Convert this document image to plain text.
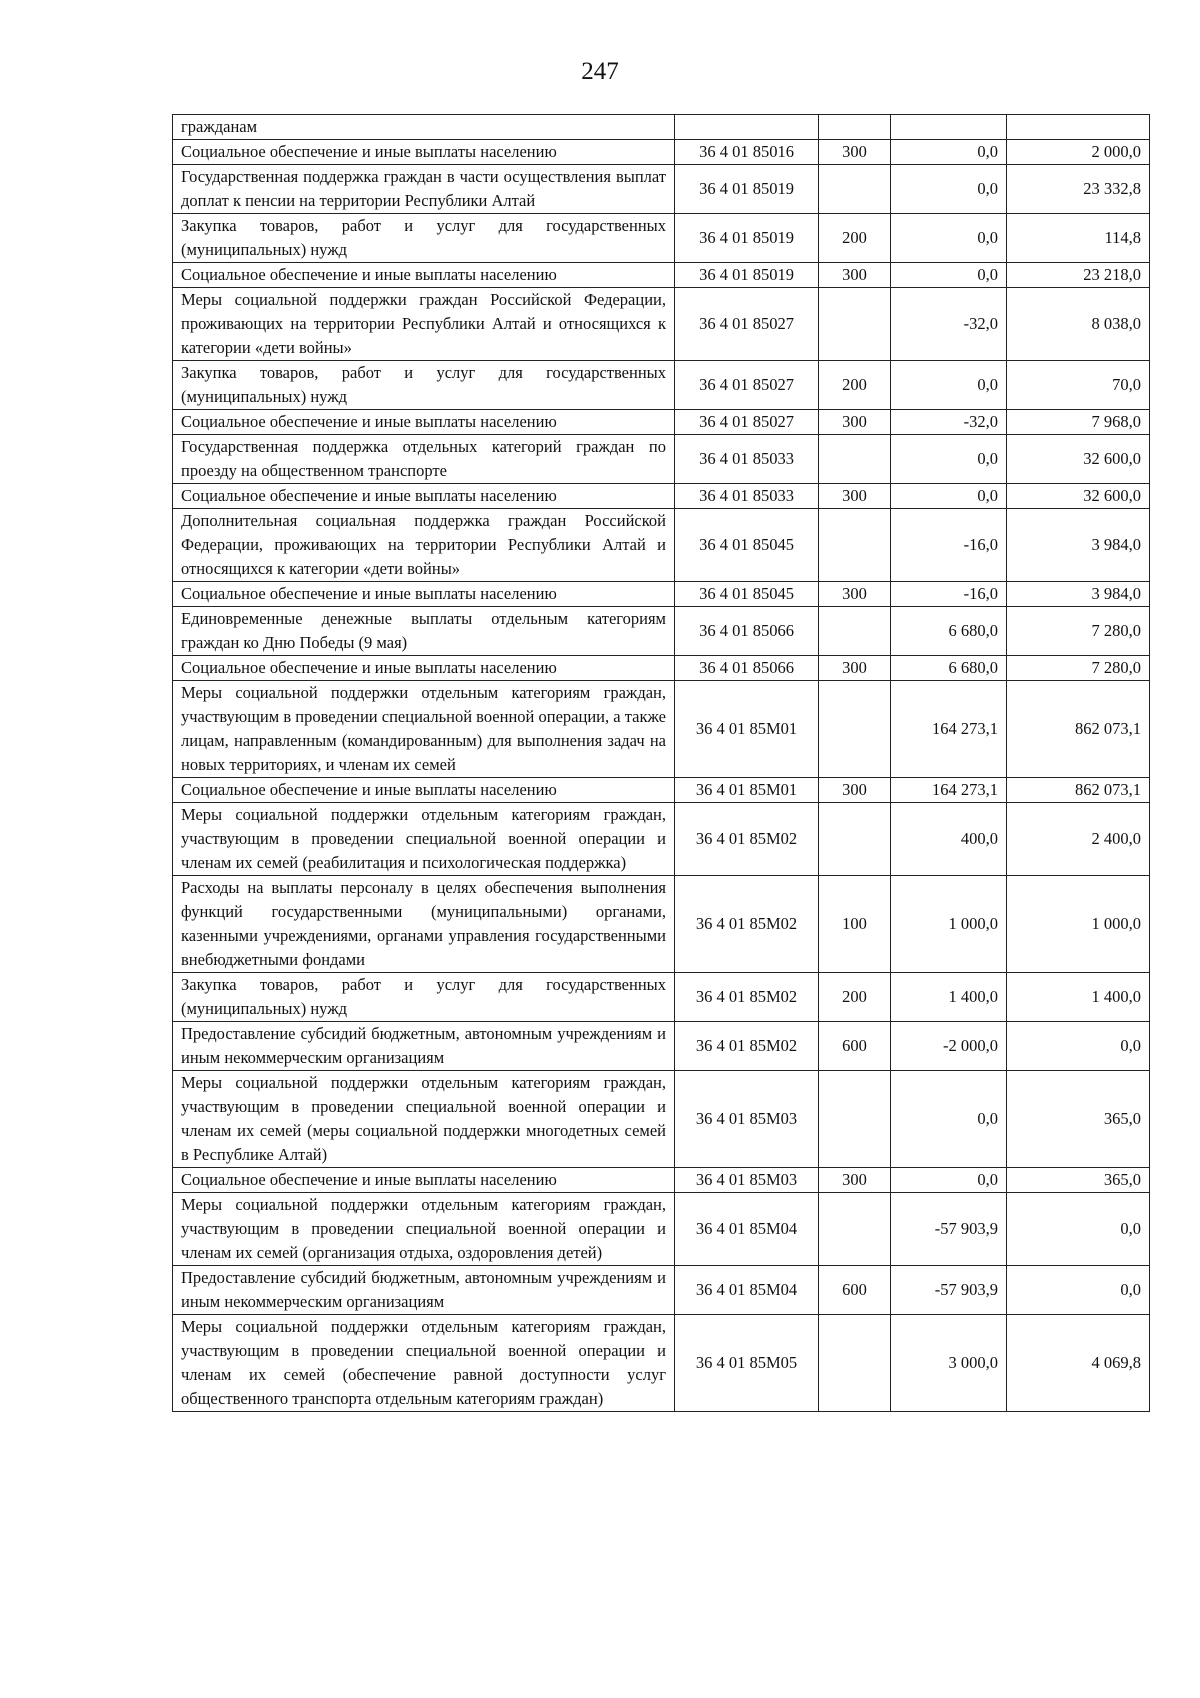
247
гражданам				
Социальное обеспечение и иные выплаты населению	36 4 01 85016	300	0,0	2 000,0
Государственная поддержка граждан в части осуществления выплат доплат к пенсии на территории Республики Алтай	36 4 01 85019		0,0	23 332,8
Закупка товаров, работ и услуг для государственных (муниципальных) нужд	36 4 01 85019	200	0,0	114,8
Социальное обеспечение и иные выплаты населению	36 4 01 85019	300	0,0	23 218,0
Меры социальной поддержки граждан Российской Федерации, проживающих на территории Республики Алтай и относящихся к категории «дети войны»	36 4 01 85027		-32,0	8 038,0
Закупка товаров, работ и услуг для государственных (муниципальных) нужд	36 4 01 85027	200	0,0	70,0
Социальное обеспечение и иные выплаты населению	36 4 01 85027	300	-32,0	7 968,0
Государственная поддержка отдельных категорий граждан по проезду на общественном транспорте	36 4 01 85033		0,0	32 600,0
Социальное обеспечение и иные выплаты населению	36 4 01 85033	300	0,0	32 600,0
Дополнительная социальная поддержка граждан Российской Федерации, проживающих на территории Республики Алтай и относящихся к категории «дети войны»	36 4 01 85045		-16,0	3 984,0
Социальное обеспечение и иные выплаты населению	36 4 01 85045	300	-16,0	3 984,0
Единовременные денежные выплаты отдельным категориям граждан ко Дню Победы (9 мая)	36 4 01 85066		6 680,0	7 280,0
Социальное обеспечение и иные выплаты населению	36 4 01 85066	300	6 680,0	7 280,0
Меры социальной поддержки отдельным категориям граждан, участвующим в проведении специальной военной операции, а также лицам, направленным (командированным) для выполнения задач на новых территориях, и членам их семей	36 4 01 85М01		164 273,1	862 073,1
Социальное обеспечение и иные выплаты населению	36 4 01 85М01	300	164 273,1	862 073,1
Меры социальной поддержки отдельным категориям граждан, участвующим в проведении специальной военной операции и членам их семей (реабилитация и психологическая поддержка)	36 4 01 85М02		400,0	2 400,0
Расходы на выплаты персоналу в целях обеспечения выполнения функций государственными (муниципальными) органами, казенными учреждениями, органами управления государственными внебюджетными фондами	36 4 01 85М02	100	1 000,0	1 000,0
Закупка товаров, работ и услуг для государственных (муниципальных) нужд	36 4 01 85М02	200	1 400,0	1 400,0
Предоставление субсидий бюджетным, автономным учреждениям и иным некоммерческим организациям	36 4 01 85М02	600	-2 000,0	0,0
Меры социальной поддержки отдельным категориям граждан, участвующим в проведении специальной военной операции и членам их семей (меры социальной поддержки многодетных семей в Республике Алтай)	36 4 01 85М03		0,0	365,0
Социальное обеспечение и иные выплаты населению	36 4 01 85М03	300	0,0	365,0
Меры социальной поддержки отдельным категориям граждан, участвующим в проведении специальной военной операции и членам их семей (организация отдыха, оздоровления детей)	36 4 01 85М04		-57 903,9	0,0
Предоставление субсидий бюджетным, автономным учреждениям и иным некоммерческим организациям	36 4 01 85М04	600	-57 903,9	0,0
Меры социальной поддержки отдельным категориям граждан, участвующим в проведении специальной военной операции и членам их семей (обеспечение равной доступности услуг общественного транспорта отдельным категориям граждан)	36 4 01 85М05		3 000,0	4 069,8
